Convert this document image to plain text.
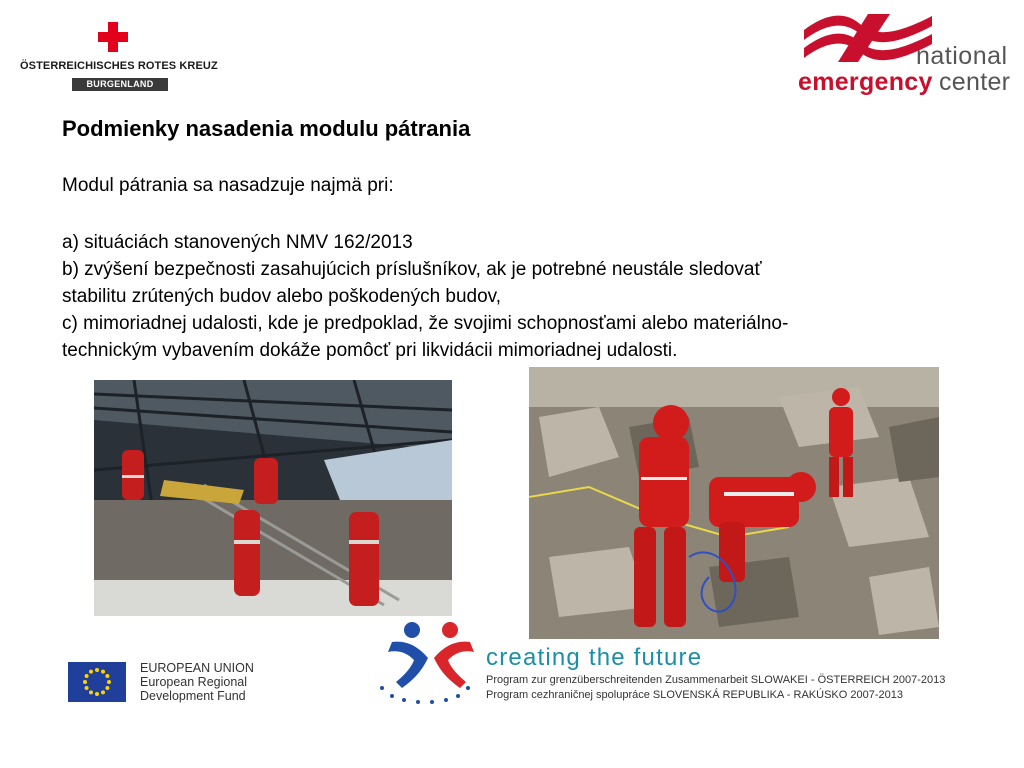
ÖSTERREICHISCHES ROTES KREUZ
BURGENLAND
national
emergency center
Podmienky nasadenia modulu pátrania
Modul pátrania sa nasadzuje najmä pri:
a) situáciách stanovených NMV 162/2013
b) zvýšení bezpečnosti zasahujúcich príslušníkov, ak je potrebné neustále sledovať
stabilitu zrútených budov alebo poškodených budov,
c) mimoriadnej udalosti, kde je predpoklad, že svojimi schopnosťami alebo materiálno-
technickým vybavením dokáže pomôcť pri likvidácii mimoriadnej udalosti.
EUROPEAN UNION
European Regional
Development Fund
creating the future
Program zur grenzüberschreitenden Zusammenarbeit SLOWAKEI - ÖSTERREICH 2007-2013
Program cezhraničnej spolupráce SLOVENSKÁ REPUBLIKA - RAKÚSKO 2007-2013
